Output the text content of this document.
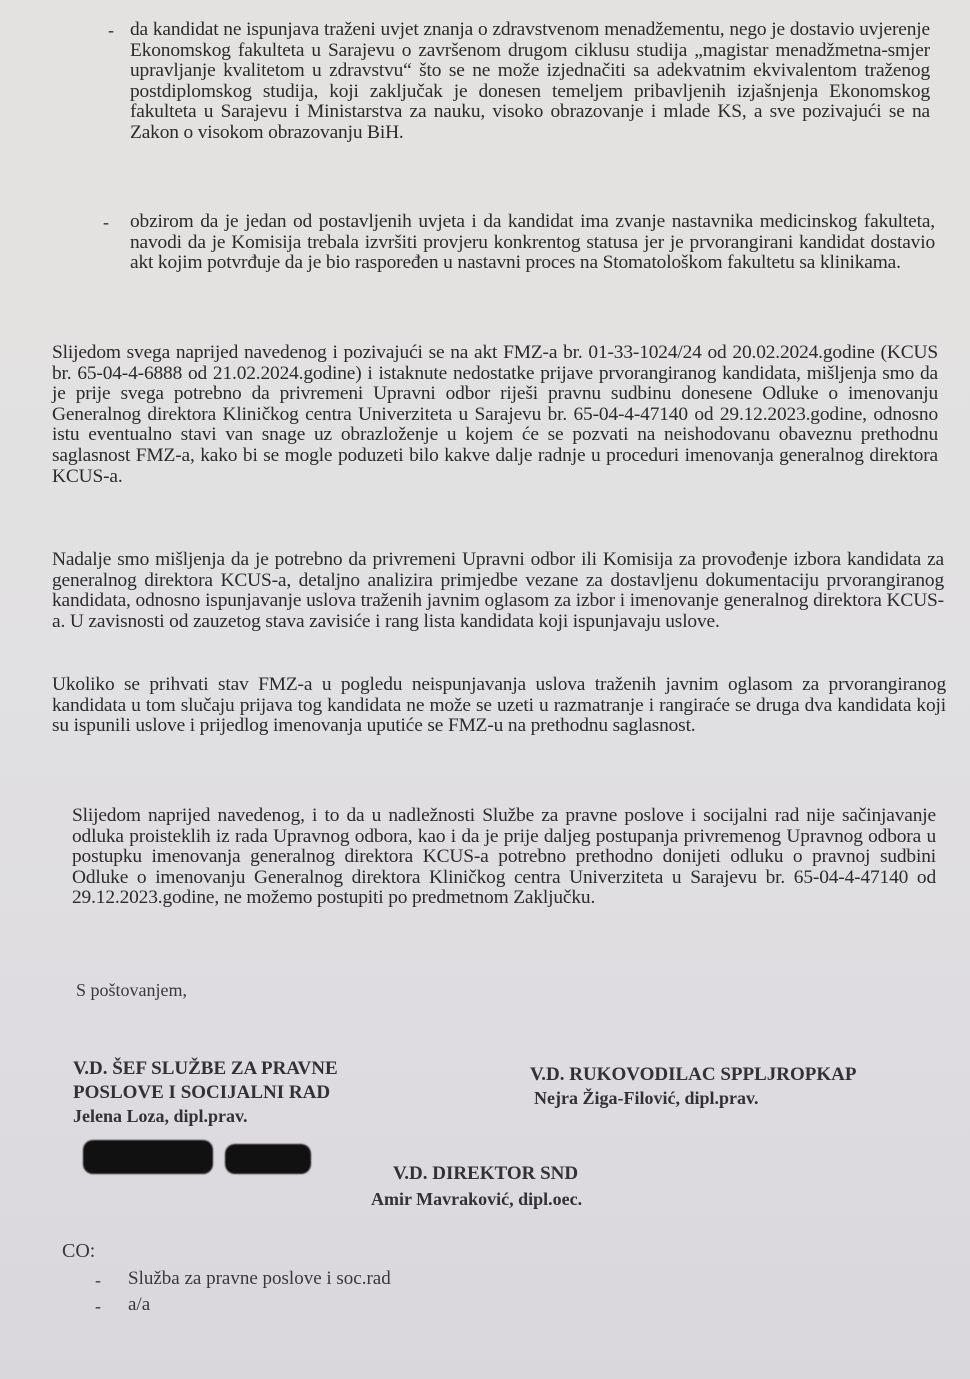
- da kandidat ne ispunjava traženi uvjet znanja o zdravstvenom menadžementu, nego je dostavio uvjerenje Ekonomskog fakulteta u Sarajevu o završenom drugom ciklusu studija „magistar menadžmetna-smjer upravljanje kvalitetom u zdravstvu“ što se ne može izjednačiti sa adekvatnim ekvivalentom traženog postdiplomskog studija, koji zaključak je donesen temeljem pribavljenih izjašnjenja Ekonomskog fakulteta u Sarajevu i Ministarstva za nauku, visoko obrazovanje i mlade KS, a sve pozivajući se na Zakon o visokom obrazovanju BiH.
- obzirom da je jedan od postavljenih uvjeta i da kandidat ima zvanje nastavnika medicinskog fakulteta, navodi da je Komisija trebala izvršiti provjeru konkrentog statusa jer je prvorangirani kandidat dostavio akt kojim potvrđuje da je bio raspoređen u nastavni proces na Stomatološkom fakultetu sa klinikama.
Slijedom svega naprijed navedenog i pozivajući se na akt FMZ-a br. 01-33-1024/24 od 20.02.2024.godine (KCUS br. 65-04-4-6888 od 21.02.2024.godine) i istaknute nedostatke prijave prvorangiranog kandidata, mišljenja smo da je prije svega potrebno da privremeni Upravni odbor riješi pravnu sudbinu donesene Odluke o imenovanju Generalnog direktora Kliničkog centra Univerziteta u Sarajevu br. 65-04-4-47140 od 29.12.2023.godine, odnosno istu eventualno stavi van snage uz obrazloženje u kojem će se pozvati na neishodovanu obaveznu prethodnu saglasnost FMZ-a, kako bi se mogle poduzeti bilo kakve dalje radnje u proceduri imenovanja generalnog direktora KCUS-a.
Nadalje smo mišljenja da je potrebno da privremeni Upravni odbor ili Komisija za provođenje izbora kandidata za generalnog direktora KCUS-a, detaljno analizira primjedbe vezane za dostavljenu dokumentaciju prvorangiranog kandidata, odnosno ispunjavanje uslova traženih javnim oglasom za izbor i imenovanje generalnog direktora KCUS-a. U zavisnosti od zauzetog stava zavisiće i rang lista kandidata koji ispunjavaju uslove.
Ukoliko se prihvati stav FMZ-a u pogledu neispunjavanja uslova traženih javnim oglasom za prvorangiranog kandidata u tom slučaju prijava tog kandidata ne može se uzeti u razmatranje i rangiraće se druga dva kandidata koji su ispunili uslove i prijedlog imenovanja uputiće se FMZ-u na prethodnu saglasnost.
Slijedom naprijed navedenog, i to da u nadležnosti Službe za pravne poslove i socijalni rad nije sačinjavanje odluka proisteklih iz rada Upravnog odbora, kao i da je prije daljeg postupanja privremenog Upravnog odbora u postupku imenovanja generalnog direktora KCUS-a potrebno prethodno donijeti odluku o pravnoj sudbini Odluke o imenovanju Generalnog direktora Kliničkog centra Univerziteta u Sarajevu br. 65-04-4-47140 od 29.12.2023.godine, ne možemo postupiti po predmetnom Zaključku.
S poštovanjem,
V.D. ŠEF SLUŽBE ZA PRAVNE
POSLOVE I SOCIJALNI RAD
Jelena Loza, dipl.prav.
V.D. RUKOVODILAC SPPLJROPKAP
Nejra Žiga-Filović, dipl.prav.
V.D. DIREKTOR SND
Amir Mavraković, dipl.oec.
CO:
- Služba za pravne poslove i soc.rad
- a/a
